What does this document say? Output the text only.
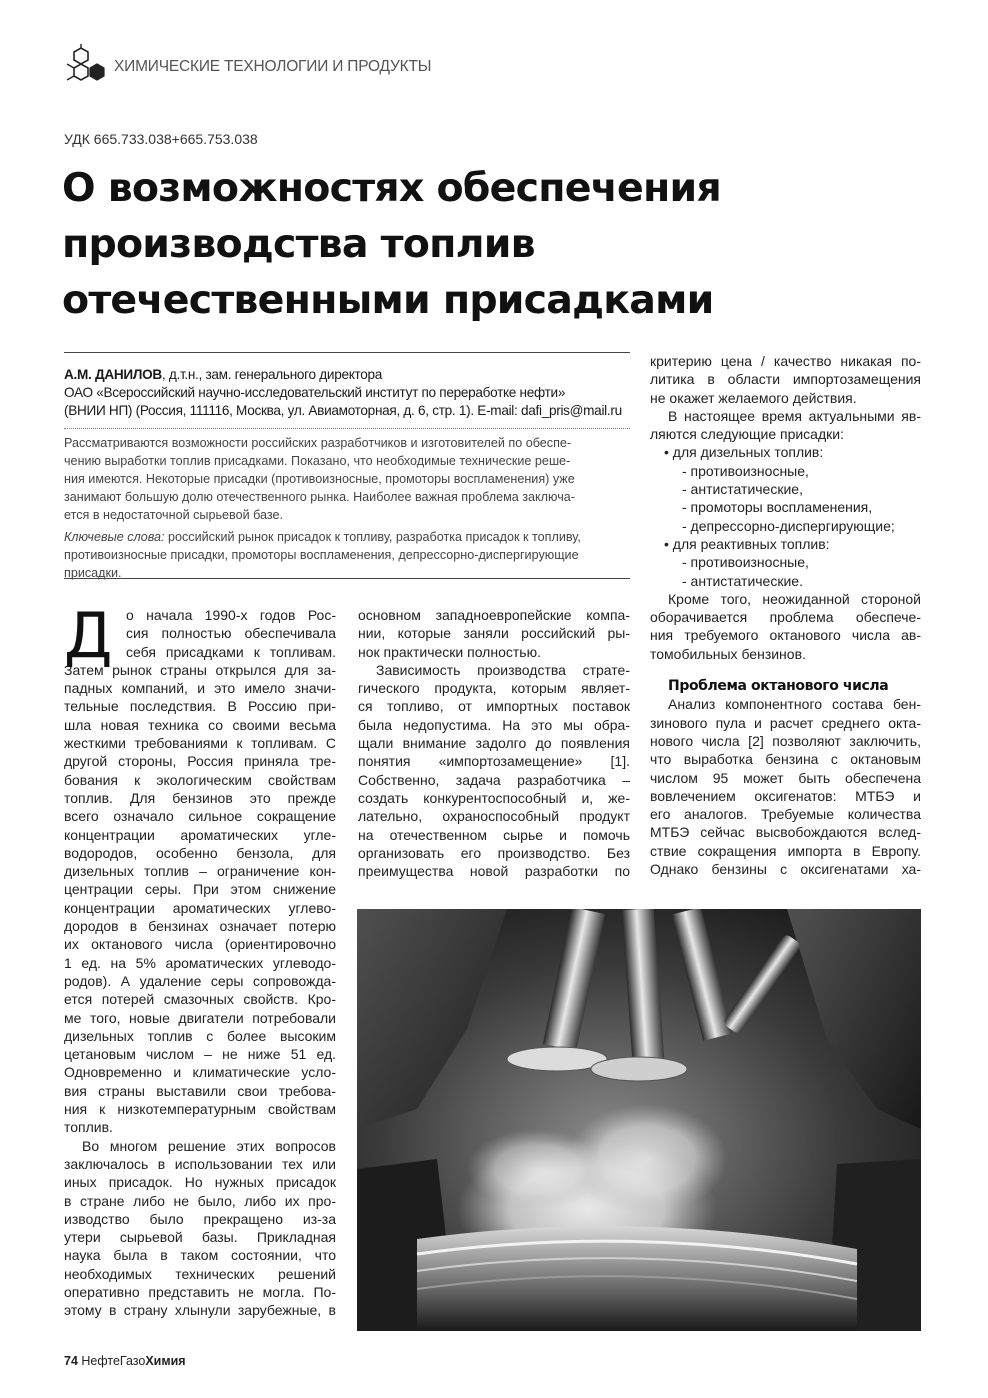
ХИМИЧЕСКИЕ ТЕХНОЛОГИИ И ПРОДУКТЫ
УДК 665.733.038+665.753.038
О возможностях обеспечения
производства топлив
отечественными присадками
А.М. ДАНИЛОВ, д.т.н., зам. генерального директора
ОАО «Всероссийский научно-исследовательский институт по переработке нефти»
(ВНИИ НП) (Россия, 111116, Москва, ул. Авиамоторная, д. 6, стр. 1). E-mail: dafi_pris@mail.ru
Рассматриваются возможности российских разработчиков и изготовителей по обеспе-
чению выработки топлив присадками. Показано, что необходимые технические реше-
ния имеются. Некоторые присадки (противоизносные, промоторы воспламенения) уже
занимают большую долю отечественного рынка. Наиболее важная проблема заключа-
ется в недостаточной сырьевой базе.
Ключевые слова: российский рынок присадок к топливу, разработка присадок к топливу,
противоизносные присадки, промоторы воспламенения, депрессорно-диспергирующие
присадки.
Д о начала 1990-х годов Рос-
сия полностью обеспечивала
себя присадками к топливам.
Затем рынок страны открылся для за-
падных компаний, и это имело значи-
тельные последствия. В Россию при-
шла новая техника со своими весьма
жесткими требованиями к топливам. С
другой стороны, Россия приняла тре-
бования к экологическим свойствам
топлив. Для бензинов это прежде
всего означало сильное сокращение
концентрации ароматических угле-
водородов, особенно бензола, для
дизельных топлив – ограничение кон-
центрации серы. При этом снижение
концентрации ароматических углево-
дородов в бензинах означает потерю
их октанового числа (ориентировочно
1 ед. на 5% ароматических углеводо-
родов). А удаление серы сопровожда-
ется потерей смазочных свойств. Кро-
ме того, новые двигатели потребовали
дизельных топлив с более высоким
цетановым числом – не ниже 51 ед.
Одновременно и климатические усло-
вия страны выставили свои требова-
ния к низкотемпературным свойствам
топлив.
Во многом решение этих вопросов
заключалось в использовании тех или
иных присадок. Но нужных присадок
в стране либо не было, либо их про-
изводство было прекращено из-за
утери сырьевой базы. Прикладная
наука была в таком состоянии, что
необходимых технических решений
оперативно представить не могла. По-
этому в страну хлынули зарубежные, в
основном западноевропейские компа-
нии, которые заняли российский ры-
нок практически полностью.
Зависимость производства страте-
гического продукта, которым являет-
ся топливо, от импортных поставок
была недопустима. На это мы обра-
щали внимание задолго до появления
понятия «импортозамещение» [1].
Собственно, задача разработчика –
создать конкурентоспособный и, же-
лательно, охраноспособный продукт
на отечественном сырье и помочь
организовать его производство. Без
преимущества новой разработки по
критерию цена / качество никакая по-
литика в области импортозамещения
не окажет желаемого действия.
В настоящее время актуальными яв-
ляются следующие присадки:
• для дизельных топлив:
- противоизносные,
- антистатические,
- промоторы воспламенения,
- депрессорно-диспергирующие;
• для реактивных топлив:
- противоизносные,
- антистатические.
Кроме того, неожиданной стороной
оборачивается проблема обеспече-
ния требуемого октанового числа ав-
томобильных бензинов.
Проблема октанового числа
Анализ компонентного состава бен-
зинового пула и расчет среднего окта-
нового числа [2] позволяют заключить,
что выработка бензина с октановым
числом 95 может быть обеспечена
вовлечением оксигенатов: МТБЭ и
его аналогов. Требуемые количества
МТБЭ сейчас высвобождаются вслед-
ствие сокращения импорта в Европу.
Однако бензины с оксигенатами ха-
74 НефтеГазоХимия
